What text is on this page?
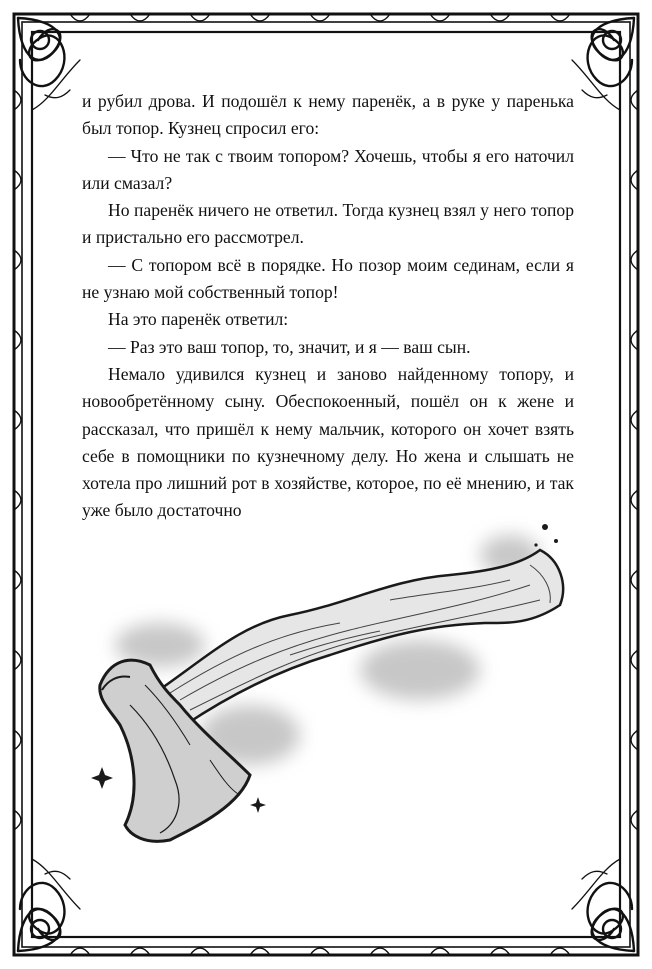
и рубил дрова. И подошёл к нему паренёк, а в руке у паренька был топор. Кузнец спросил его:

— Что не так с твоим топором? Хочешь, чтобы я его наточил или смазал?

Но паренёк ничего не ответил. Тогда кузнец взял у него топор и пристально его рассмотрел.

— С топором всё в порядке. Но позор моим сединам, если я не узнаю мой собственный топор!

На это паренёк ответил:

— Раз это ваш топор, то, значит, и я — ваш сын.

Немало удивился кузнец и заново найденному топору, и новообретённому сыну. Обеспокоенный, пошёл он к жене и рассказал, что пришёл к нему мальчик, которого он хочет взять себе в помощники по кузнечному делу. Но жена и слышать не хотела про лишний рот в хозяйстве, которое, по её мнению, и так уже было достаточно
